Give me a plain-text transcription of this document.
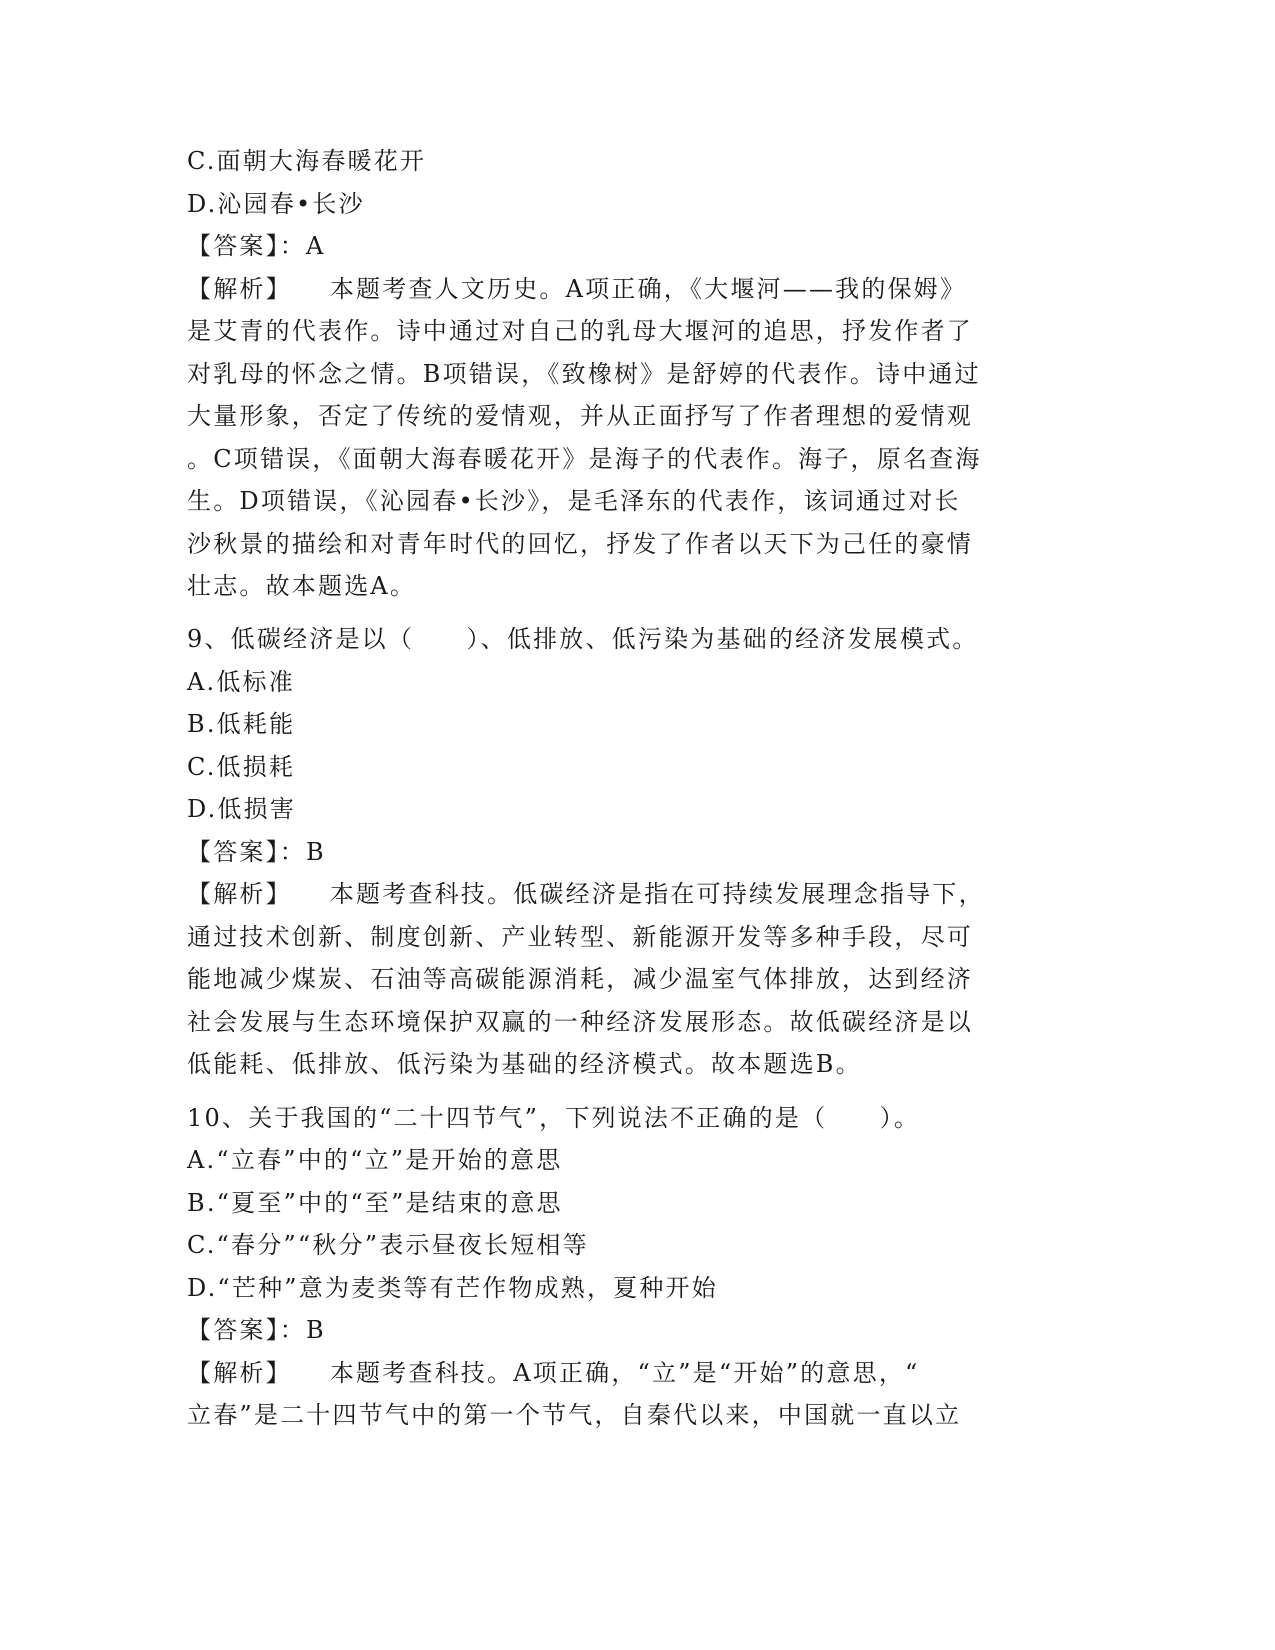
C.面朝大海春暖花开
D.沁园春•长沙
【答案】：A
【解析】 本题考查人文历史。A项正确，《大堰河——我的保姆》
是艾青的代表作。诗中通过对自己的乳母大堰河的追思，抒发作者了
对乳母的怀念之情。B项错误，《致橡树》是舒婷的代表作。诗中通过
大量形象，否定了传统的爱情观，并从正面抒写了作者理想的爱情观
。C项错误，《面朝大海春暖花开》是海子的代表作。海子，原名查海
生。D项错误，《沁园春•长沙》，是毛泽东的代表作，该词通过对长
沙秋景的描绘和对青年时代的回忆，抒发了作者以天下为己任的豪情
壮志。故本题选A。
9、低碳经济是以（　　）、低排放、低污染为基础的经济发展模式。
A.低标准
B.低耗能
C.低损耗
D.低损害
【答案】：B
【解析】 本题考查科技。低碳经济是指在可持续发展理念指导下，
通过技术创新、制度创新、产业转型、新能源开发等多种手段，尽可
能地减少煤炭、石油等高碳能源消耗，减少温室气体排放，达到经济
社会发展与生态环境保护双赢的一种经济发展形态。故低碳经济是以
低能耗、低排放、低污染为基础的经济模式。故本题选B。
10、关于我国的“二十四节气”，下列说法不正确的是（　　）。
A.“立春”中的“立”是开始的意思
B.“夏至”中的“至”是结束的意思
C.“春分”“秋分”表示昼夜长短相等
D.“芒种”意为麦类等有芒作物成熟，夏种开始
【答案】：B
【解析】 本题考查科技。A项正确，“立”是“开始”的意思，“
立春”是二十四节气中的第一个节气，自秦代以来，中国就一直以立
